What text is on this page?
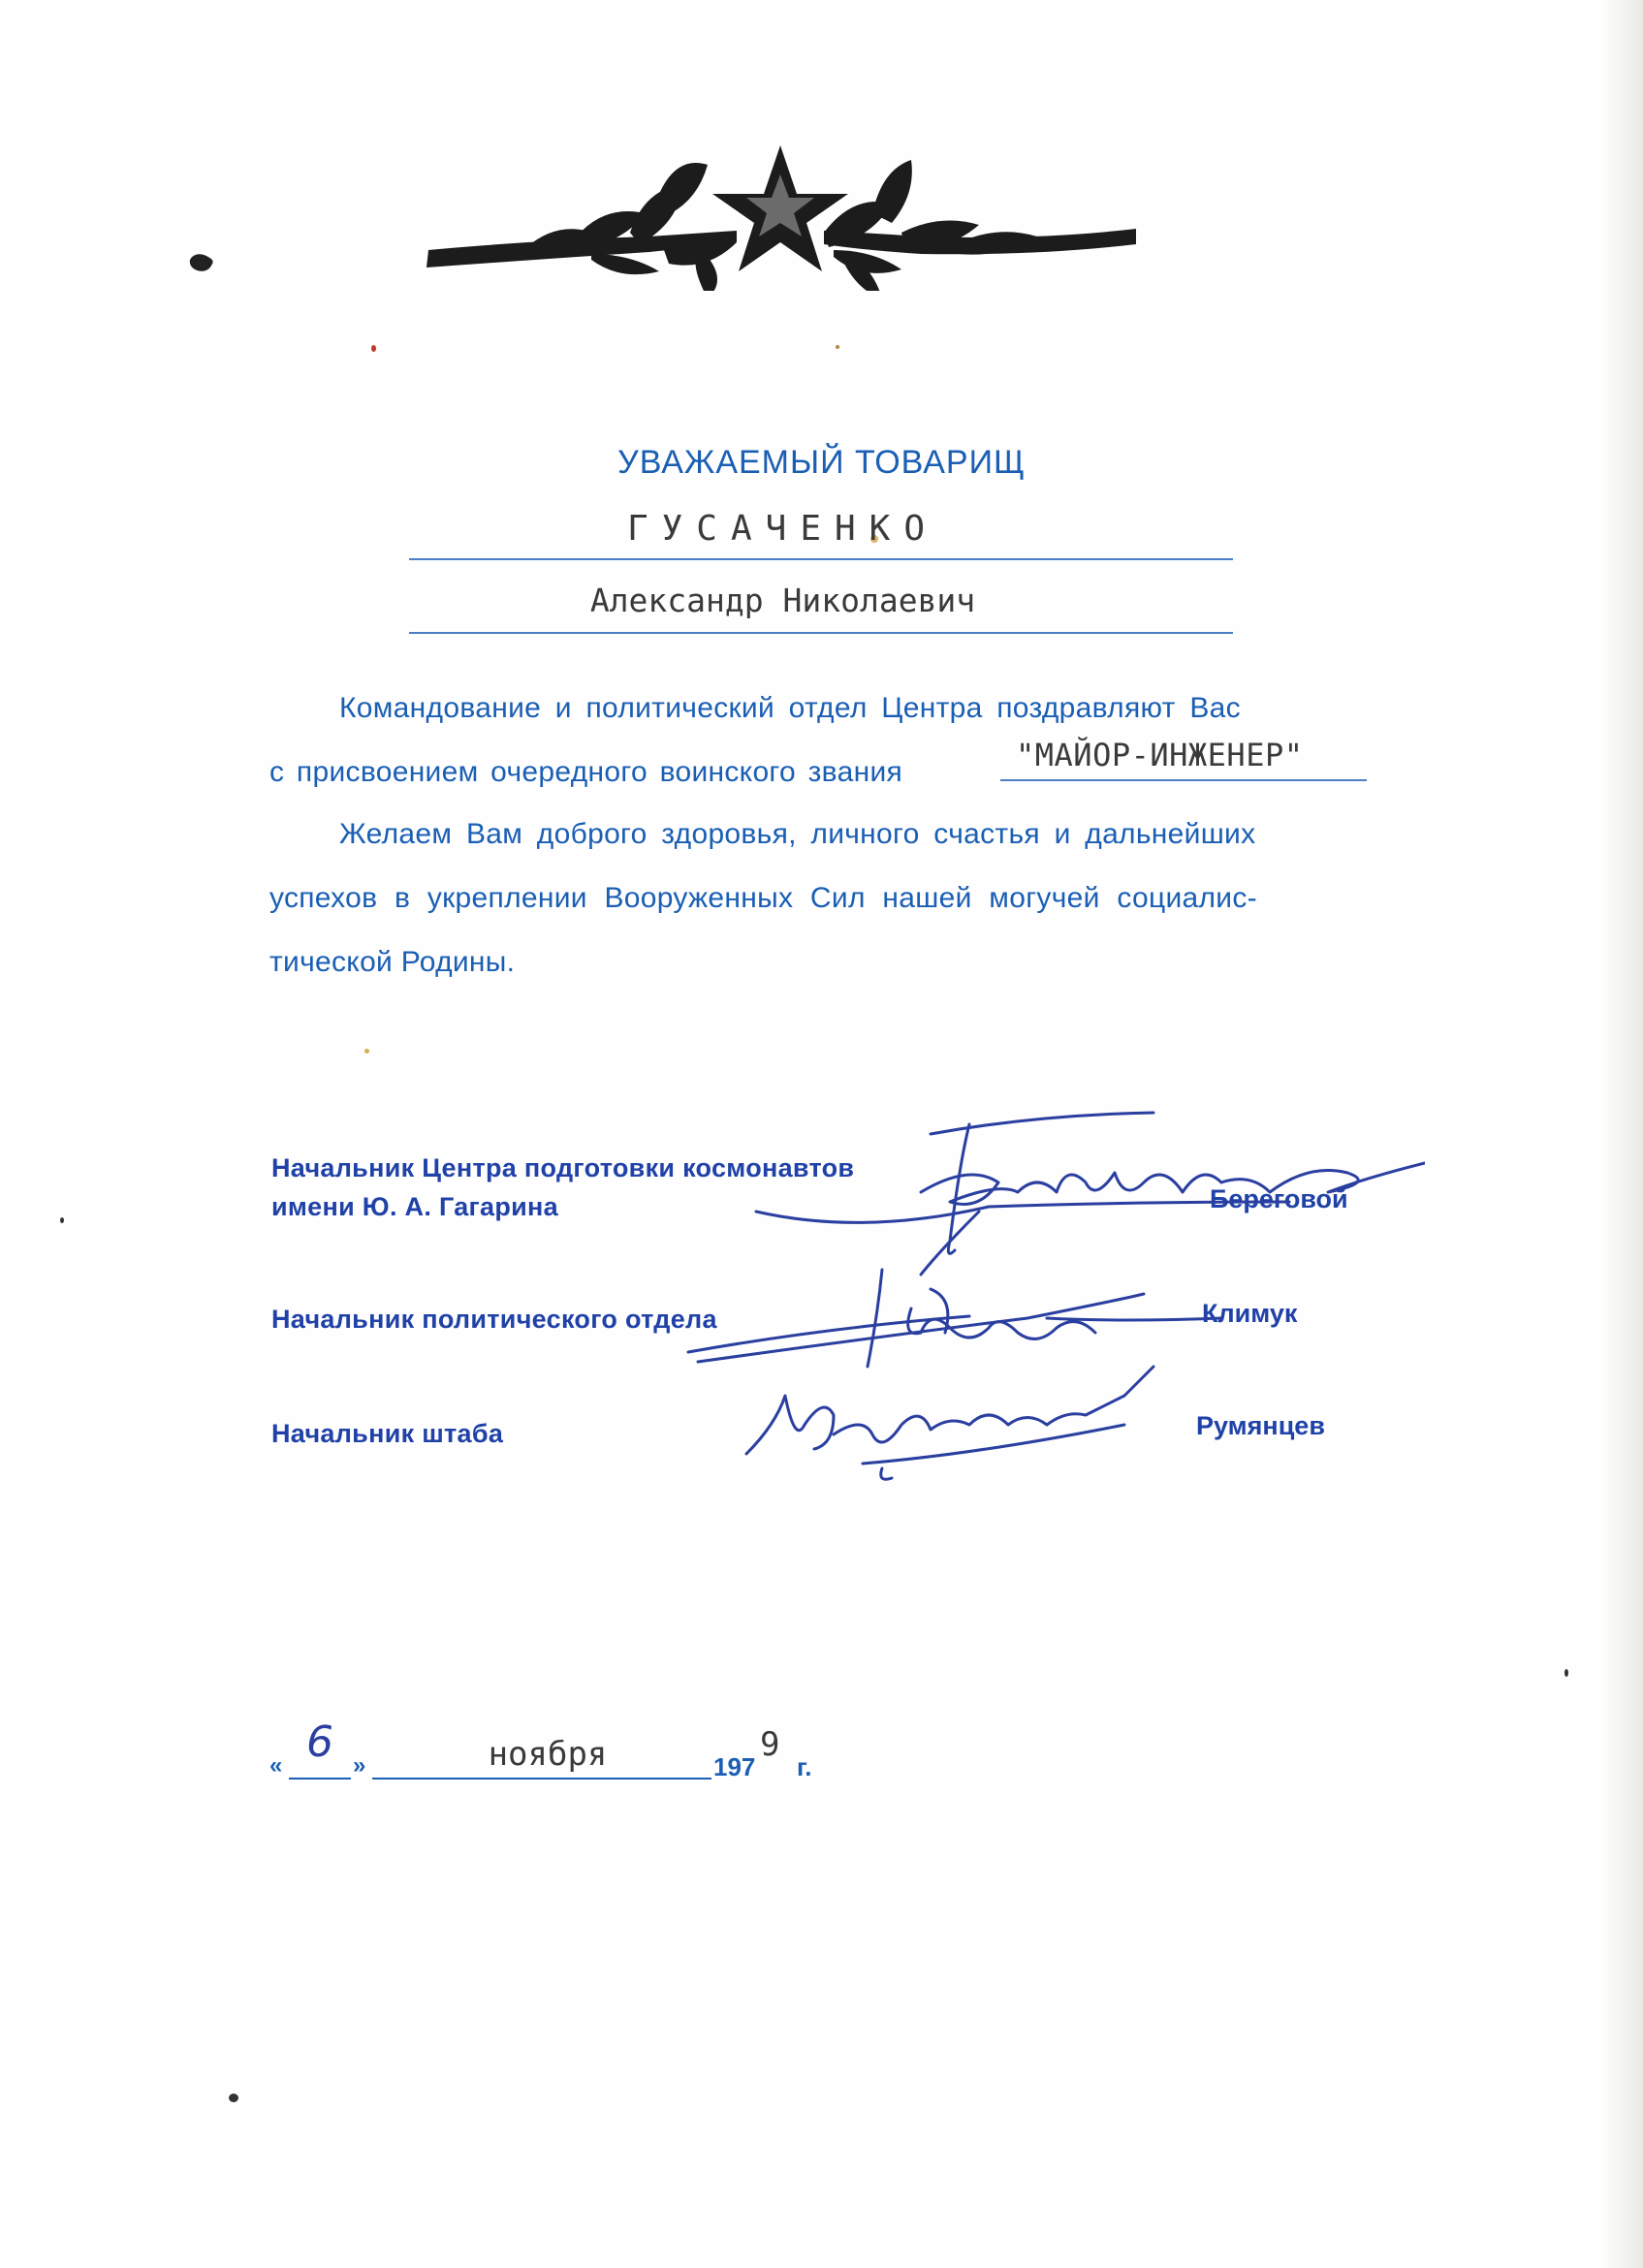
УВАЖАЕМЫЙ ТОВАРИЩ
ГУСАЧЕНКО
Александр Николаевич
Командование и политический отдел Центра поздравляют Вас
с присвоением очередного воинского звания	"МАЙОР-ИНЖЕНЕР"
Желаем Вам доброго здоровья, личного счастья и дальнейших
успехов в укреплении Вооруженных Сил нашей могучей социалис-
тической Родины.
Начальник Центра подготовки космонавтов
имени Ю. А. Гагарина	Береговой
Начальник политического отдела	Климук
Начальник штаба	Румянцев
« 6 »	ноября	197
9
г.
